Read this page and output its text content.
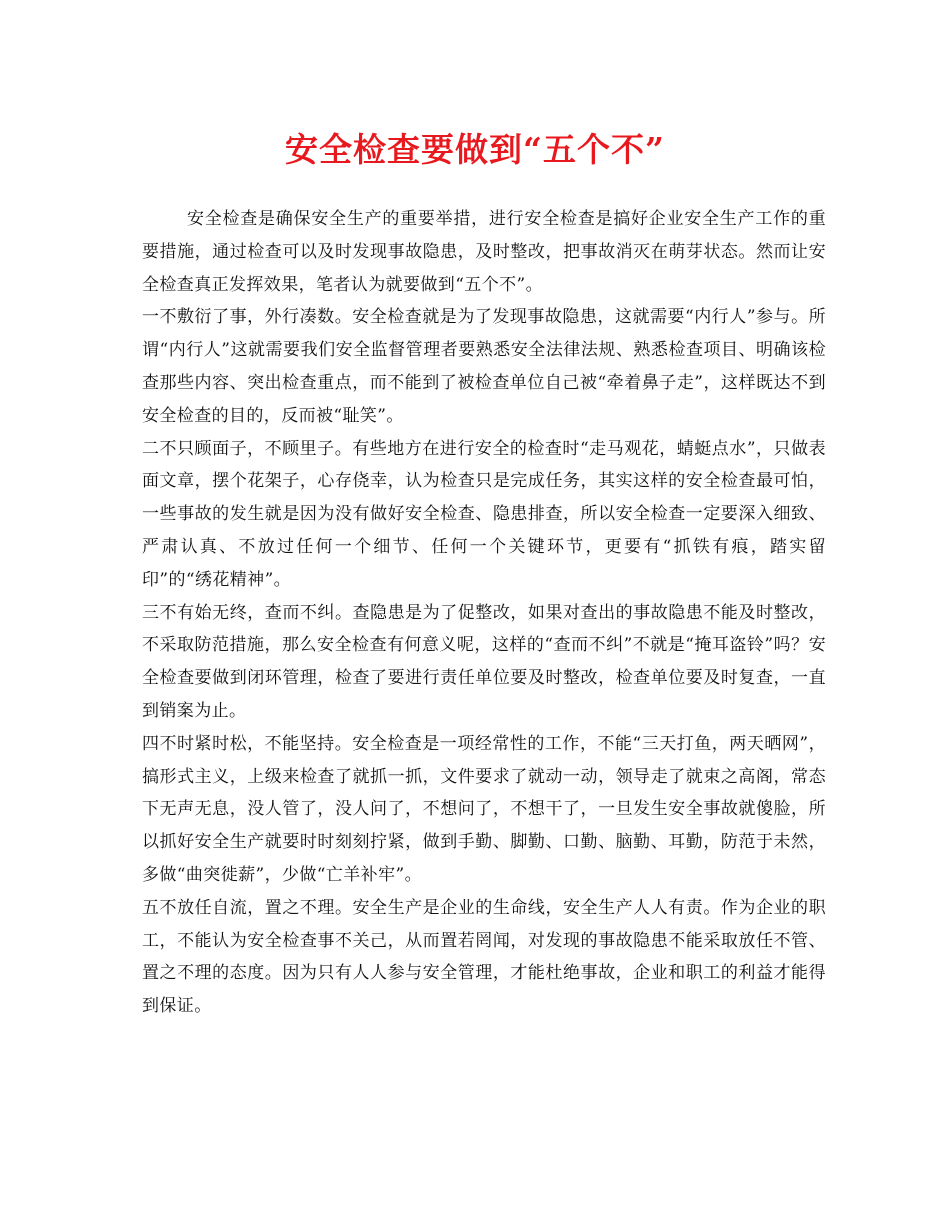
安全检查要做到“五个不”

安全检查是确保安全生产的重要举措，进行安全检查是搞好企业安全生产工作的重要措施，通过检查可以及时发现事故隐患，及时整改，把事故消灭在萌芽状态。然而让安全检查真正发挥效果，笔者认为就要做到“五个不”。

一不敷衍了事，外行凑数。安全检查就是为了发现事故隐患，这就需要“内行人”参与。所谓“内行人”这就需要我们安全监督管理者要熟悉安全法律法规、熟悉检查项目、明确该检查那些内容、突出检查重点，而不能到了被检查单位自己被“牵着鼻子走”，这样既达不到安全检查的目的，反而被“耻笑”。

二不只顾面子，不顾里子。有些地方在进行安全的检查时“走马观花，蜻蜓点水”，只做表面文章，摆个花架子，心存侥幸，认为检查只是完成任务，其实这样的安全检查最可怕，一些事故的发生就是因为没有做好安全检查、隐患排查，所以安全检查一定要深入细致、严肃认真、不放过任何一个细节、任何一个关键环节，更要有“抓铁有痕，踏实留印”的“绣花精神”。

三不有始无终，查而不纠。查隐患是为了促整改，如果对查出的事故隐患不能及时整改，不采取防范措施，那么安全检查有何意义呢，这样的“查而不纠”不就是“掩耳盗铃”吗？安全检查要做到闭环管理，检查了要进行责任单位要及时整改，检查单位要及时复查，一直到销案为止。

四不时紧时松，不能坚持。安全检查是一项经常性的工作，不能“三天打鱼，两天晒网”，搞形式主义，上级来检查了就抓一抓，文件要求了就动一动，领导走了就束之高阁，常态下无声无息，没人管了，没人问了，不想问了，不想干了，一旦发生安全事故就傻脸，所以抓好安全生产就要时时刻刻拧紧，做到手勤、脚勤、口勤、脑勤、耳勤，防范于未然，多做“曲突徙薪”，少做“亡羊补牢”。

五不放任自流，置之不理。安全生产是企业的生命线，安全生产人人有责。作为企业的职工，不能认为安全检查事不关己，从而置若罔闻，对发现的事故隐患不能采取放任不管、置之不理的态度。因为只有人人参与安全管理，才能杜绝事故，企业和职工的利益才能得到保证。
